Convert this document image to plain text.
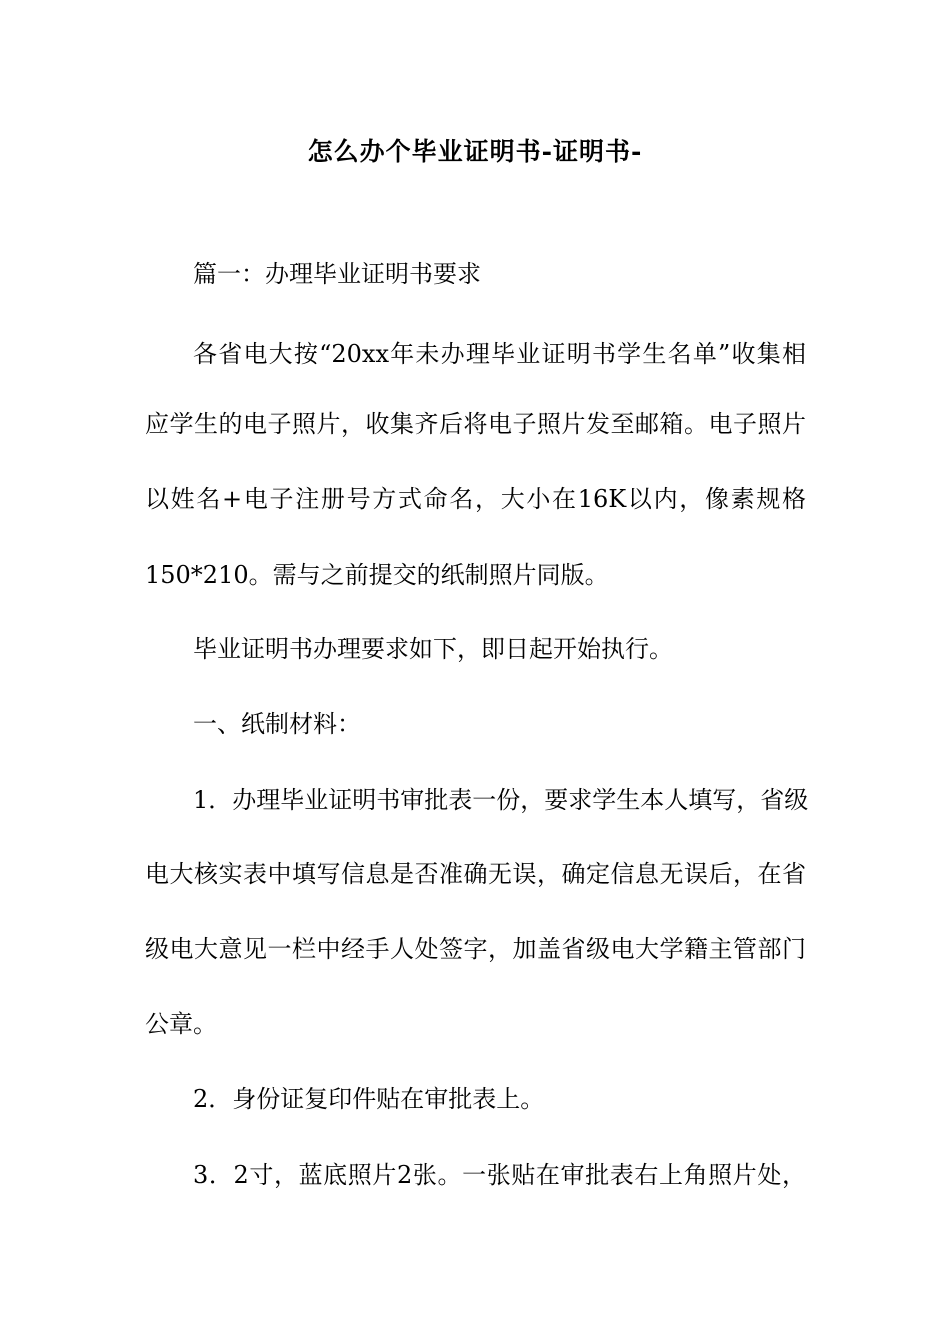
怎么办个毕业证明书-证明书-
篇一：办理毕业证明书要求
各省电大按“20xx年未办理毕业证明书学生名单”收集相
应学生的电子照片，收集齐后将电子照片发至邮箱。电子照片
以姓名+电子注册号方式命名，大小在16K以内，像素规格
150*210。需与之前提交的纸制照片同版。
毕业证明书办理要求如下，即日起开始执行。
一、纸制材料：
1．办理毕业证明书审批表一份，要求学生本人填写，省级
电大核实表中填写信息是否准确无误，确定信息无误后，在省
级电大意见一栏中经手人处签字，加盖省级电大学籍主管部门
公章。
2．身份证复印件贴在审批表上。
3．2寸，蓝底照片2张。一张贴在审批表右上角照片处，
